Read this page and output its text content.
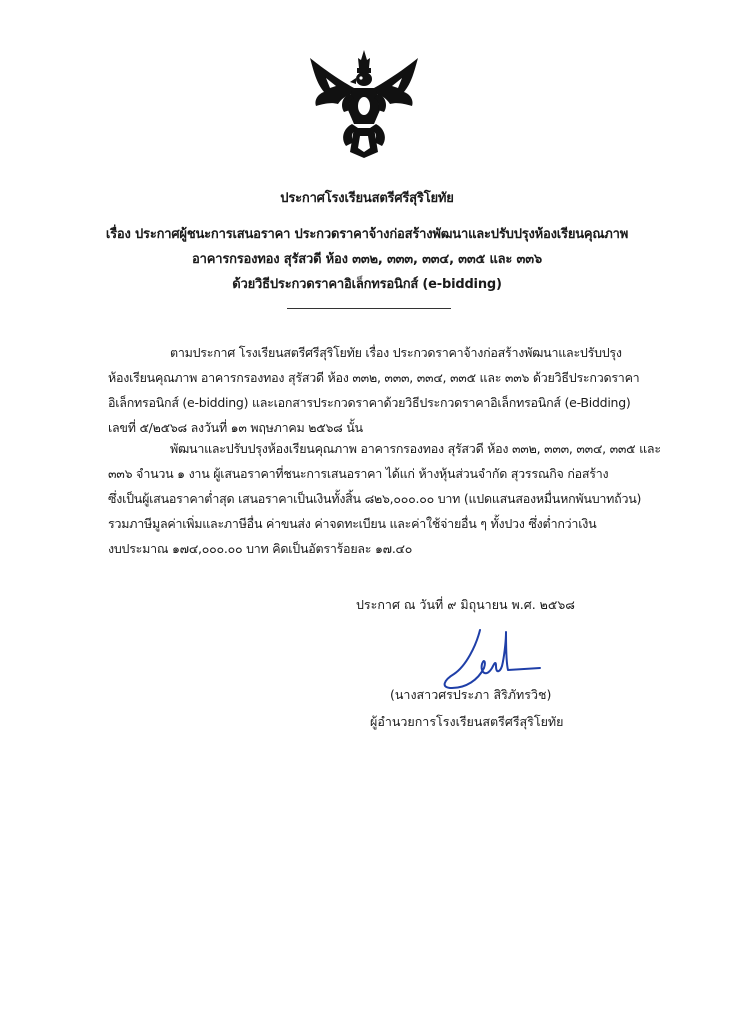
ประกาศโรงเรียนสตรีศรีสุริโยทัย
เรื่อง ประกาศผู้ชนะการเสนอราคา ประกวดราคาจ้างก่อสร้างพัฒนาและปรับปรุงห้องเรียนคุณภาพ
อาคารกรองทอง สุรัสวดี ห้อง ๓๓๒, ๓๓๓, ๓๓๔, ๓๓๕ และ ๓๓๖
ด้วยวิธีประกวดราคาอิเล็กทรอนิกส์ (e-bidding)

ตามประกาศ โรงเรียนสตรีศรีสุริโยทัย เรื่อง ประกวดราคาจ้างก่อสร้างพัฒนาและปรับปรุง

ห้องเรียนคุณภาพ อาคารกรองทอง สุรัสวดี ห้อง ๓๓๒, ๓๓๓, ๓๓๔, ๓๓๕ และ ๓๓๖ ด้วยวิธีประกวดราคา

อิเล็กทรอนิกส์ (e-bidding) และเอกสารประกวดราคาด้วยวิธีประกวดราคาอิเล็กทรอนิกส์ (e-Bidding)

เลขที่ ๕/๒๕๖๘ ลงวันที่ ๑๓ พฤษภาคม ๒๕๖๘ นั้น

พัฒนาและปรับปรุงห้องเรียนคุณภาพ อาคารกรองทอง สุรัสวดี ห้อง ๓๓๒, ๓๓๓, ๓๓๔, ๓๓๕ และ

๓๓๖ จำนวน ๑ งาน ผู้เสนอราคาที่ชนะการเสนอราคา ได้แก่ ห้างหุ้นส่วนจำกัด สุวรรณกิจ ก่อสร้าง

ซึ่งเป็นผู้เสนอราคาต่ำสุด เสนอราคาเป็นเงินทั้งสิ้น ๘๒๖,๐๐๐.๐๐ บาท (แปดแสนสองหมื่นหกพันบาทถ้วน)

รวมภาษีมูลค่าเพิ่มและภาษีอื่น ค่าขนส่ง ค่าจดทะเบียน และค่าใช้จ่ายอื่น ๆ ทั้งปวง ซึ่งต่ำกว่าเงิน

งบประมาณ ๑๗๔,๐๐๐.๐๐ บาท คิดเป็นอัตราร้อยละ ๑๗.๔๐

ประกาศ ณ วันที่ ๙ มิถุนายน พ.ศ. ๒๕๖๘
(นางสาวศรประภา สิริภัทรวิช)
ผู้อำนวยการโรงเรียนสตรีศรีสุริโยทัย
